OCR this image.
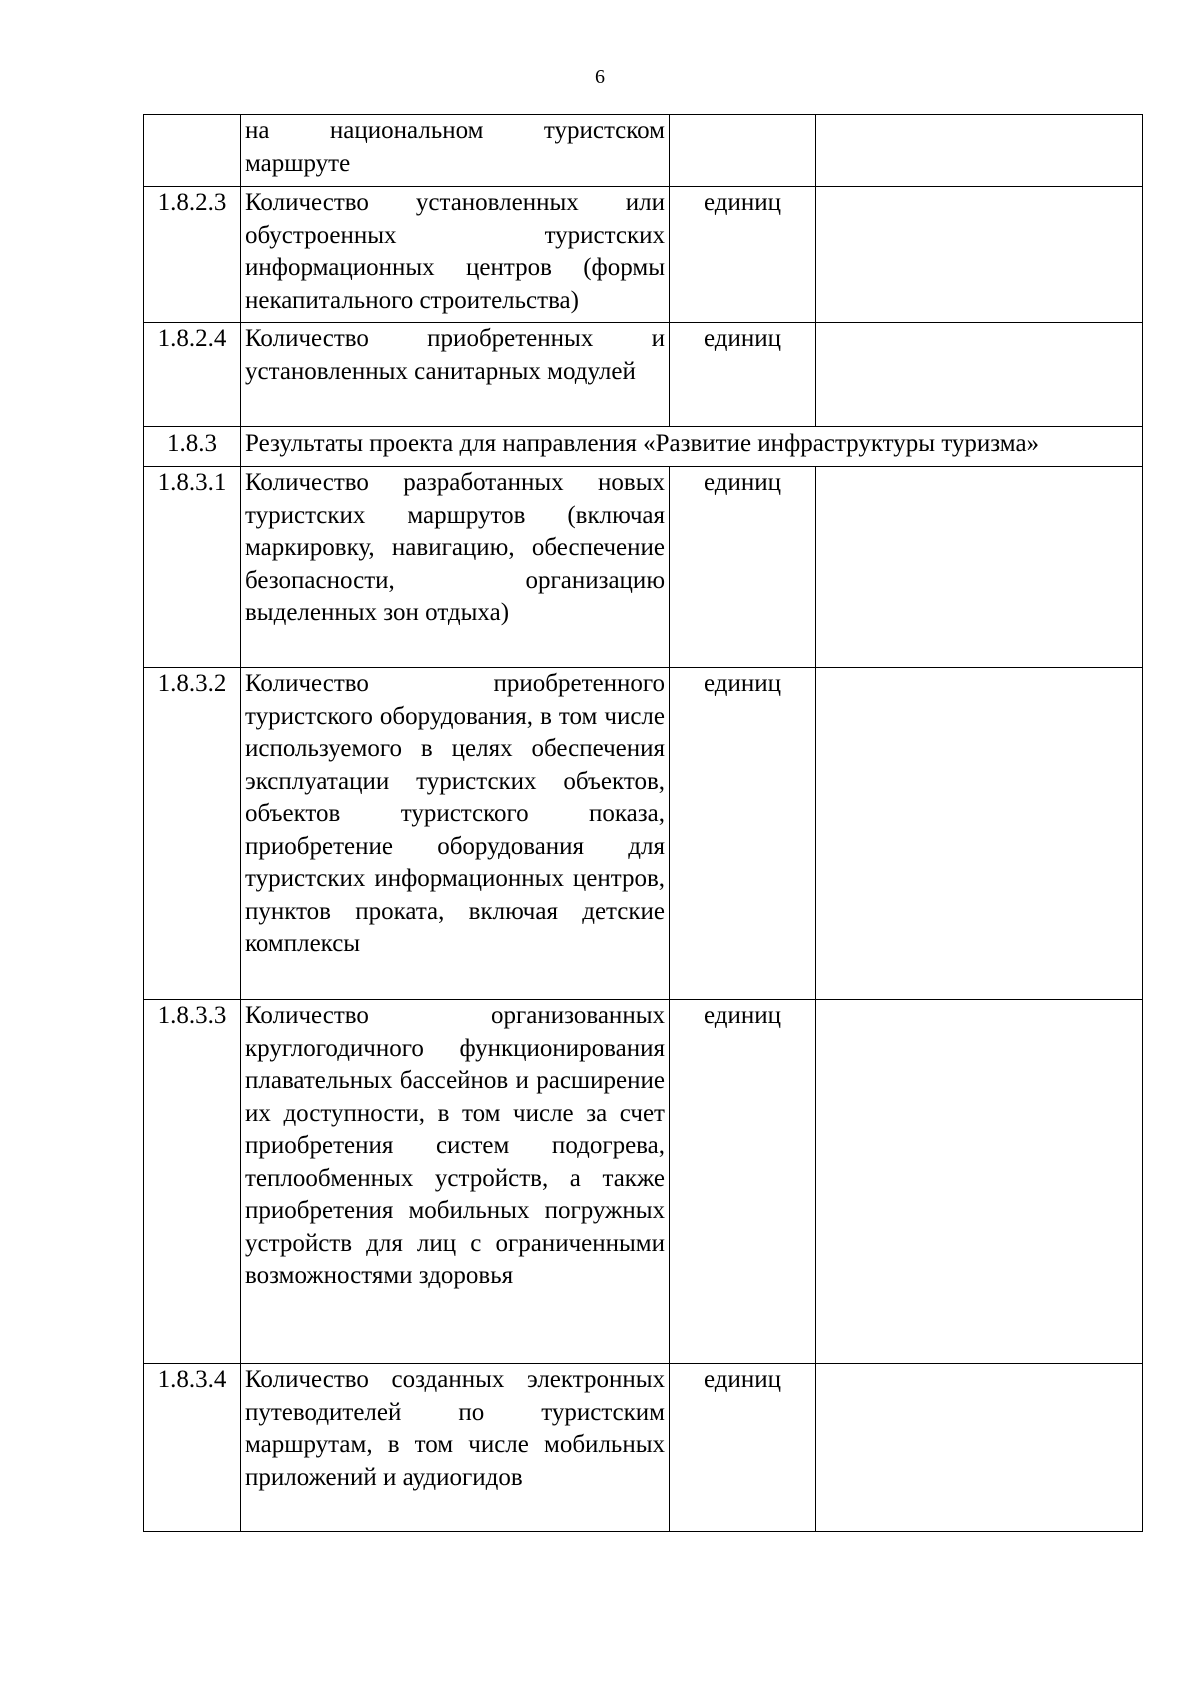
6
	на национальном туристском маршруте		
1.8.2.3	Количество установленных или обустроенных туристских информационных центров (формы некапитального строительства)	единиц	
1.8.2.4	Количество приобретенных и установленных санитарных модулей	единиц	
1.8.3	Результаты проекта для направления «Развитие инфраструктуры туризма»		
1.8.3.1	Количество разработанных новых туристских маршрутов (включая маркировку, навигацию, обеспечение безопасности, организацию выделенных зон отдыха)	единиц	
1.8.3.2	Количество приобретенного туристского оборудования, в том числе используемого в целях обеспечения эксплуатации туристских объектов, объектов туристского показа, приобретение оборудования для туристских информационных центров, пунктов проката, включая детские комплексы	единиц	
1.8.3.3	Количество организованных круглогодичного функционирования плавательных бассейнов и расширение их доступности, в том числе за счет приобретения систем подогрева, теплообменных устройств, а также приобретения мобильных погружных устройств для лиц с ограниченными возможностями здоровья	единиц	
1.8.3.4	Количество созданных электронных путеводителей по туристским маршрутам, в том числе мобильных приложений и аудиогидов	единиц	
